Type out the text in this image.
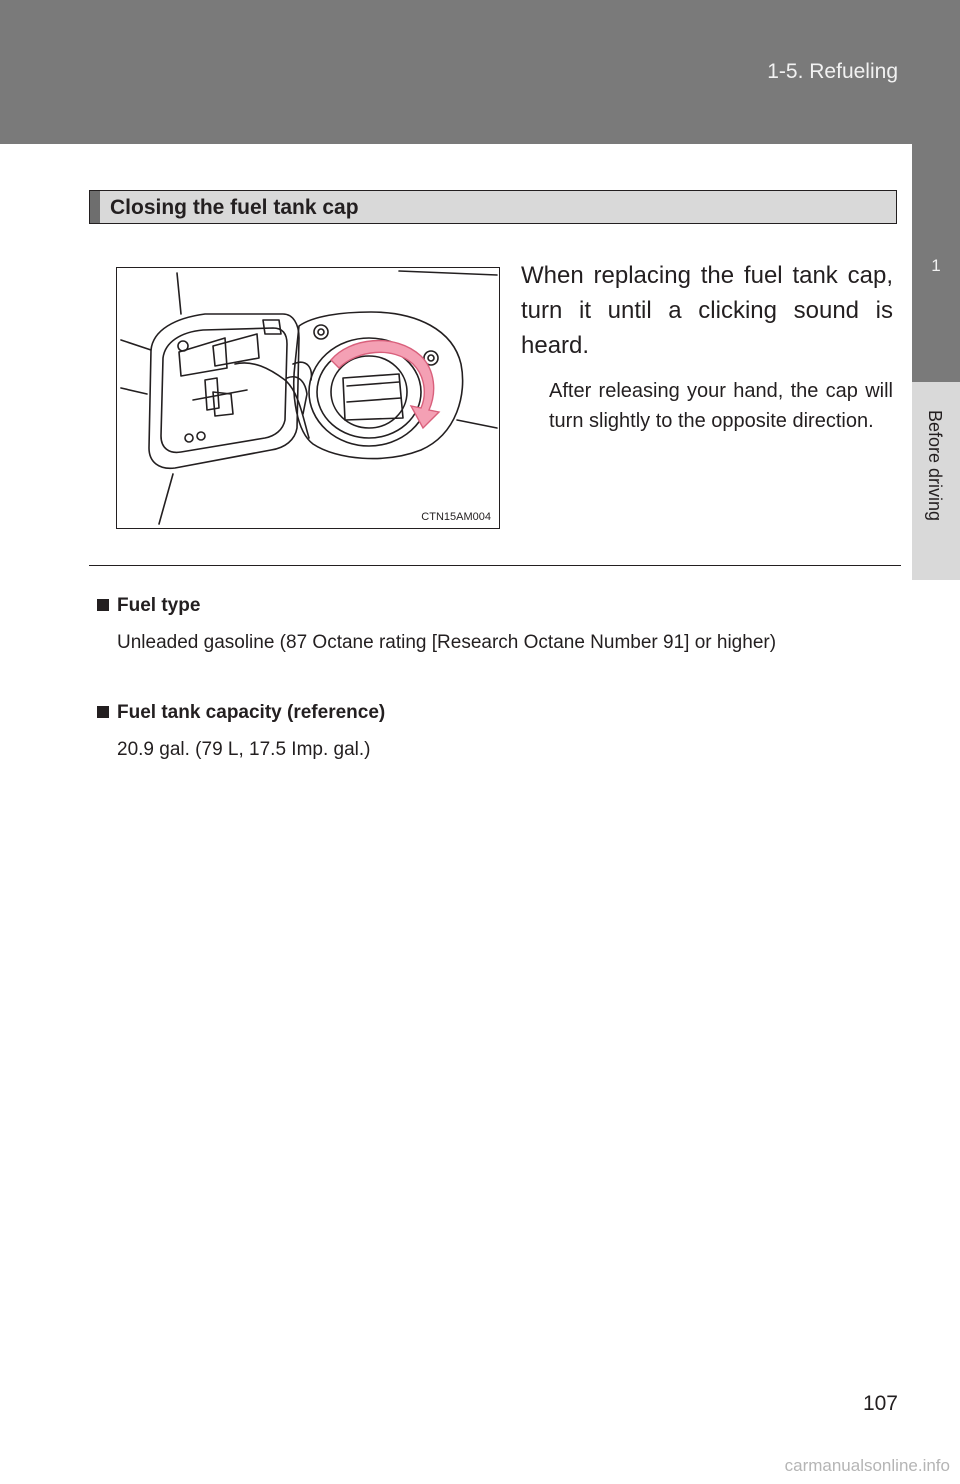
1-5. Refueling
1
Before driving
Closing the fuel tank cap
CTN15AM004
When replacing the fuel tank cap, turn it until a clicking sound is heard.
After releasing your hand, the cap will turn slightly to the opposite direction.
Fuel type
Unleaded gasoline (87 Octane rating [Research Octane Number 91] or higher)
Fuel tank capacity (reference)
20.9 gal. (79 L, 17.5 Imp. gal.)
107
carmanualsonline.info
